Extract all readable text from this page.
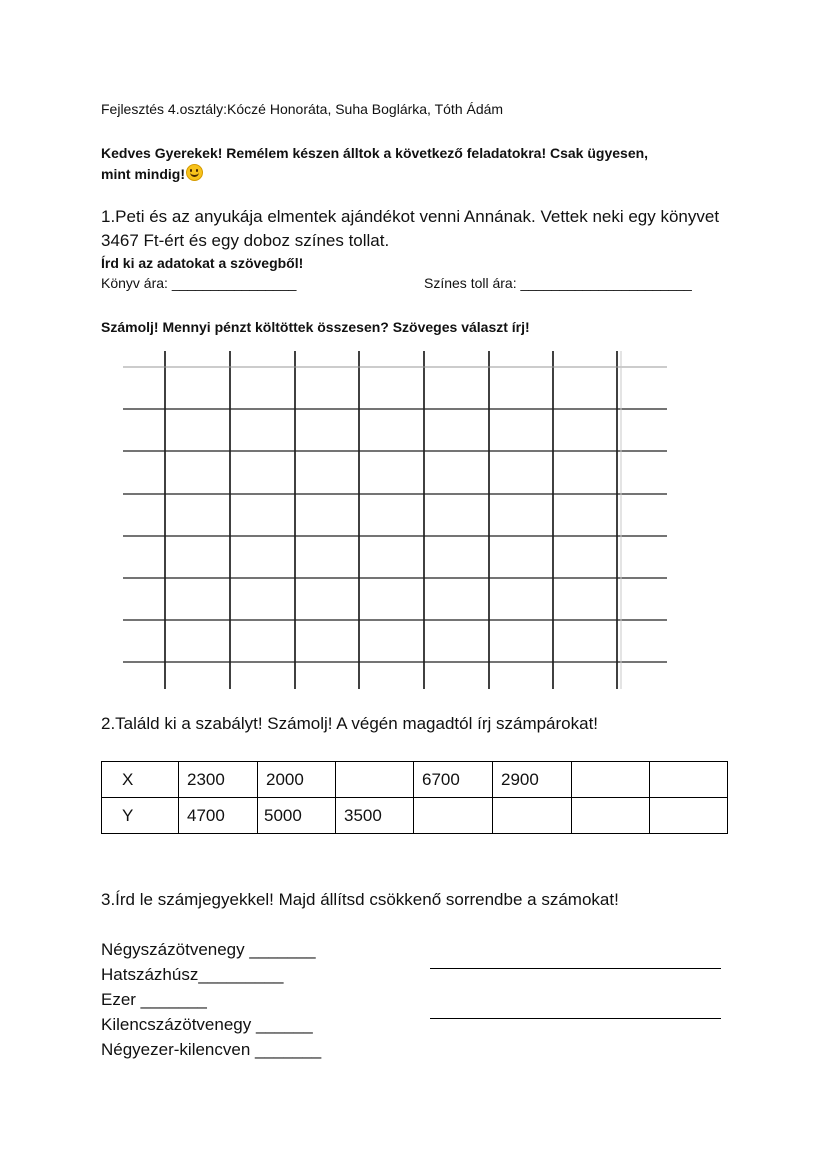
Fejlesztés 4.osztály:Kóczé Honoráta, Suha Boglárka, Tóth Ádám
Kedves Gyerekek! Remélem készen álltok a következő feladatokra! Csak ügyesen,
mint mindig!
1.Peti és az anyukája elmentek ajándékot venni Annának. Vettek neki egy könyvet
3467 Ft-ért és egy doboz színes tollat.
Írd ki az adatokat a szövegből!
Könyv ára: ________________	Színes toll ára: ______________________
Számolj! Mennyi pénzt költöttek összesen? Szöveges választ írj!
2.Találd ki a szabályt! Számolj! A végén magadtól írj számpárokat!
X	2300	2000		6700	2900		
Y	4700	5000	3500				
3.Írd le számjegyekkel! Majd állítsd csökkenő sorrendbe a számokat!
Négyszázötvenegy _______
Hatszázhúsz_________
Ezer _______
Kilencszázötvenegy ______
Négyezer-kilencven _______
